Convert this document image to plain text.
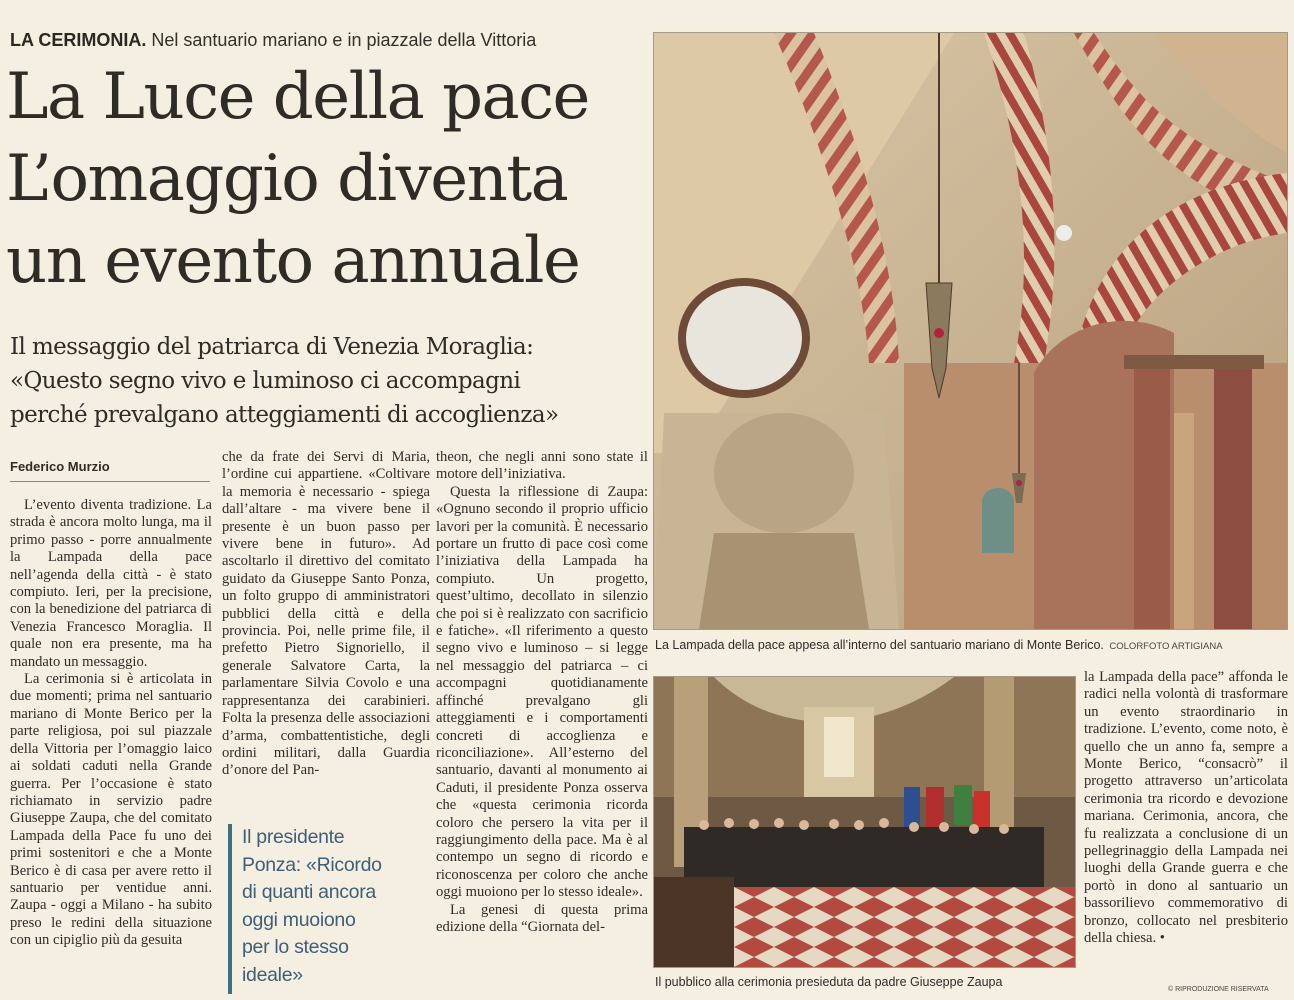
LA CERIMONIA. Nel santuario mariano e in piazzale della Vittoria
La Luce della pace
L’omaggio diventa
un evento annuale
Il messaggio del patriarca di Venezia Moraglia:
«Questo segno vivo e luminoso ci accompagni
perché prevalgano atteggiamenti di accoglienza»
Federico Murzio

L’evento diventa tradizione. La strada è ancora molto lunga, ma il primo passo - porre annualmente la Lampada della pace nell’agenda della città - è stato compiuto. Ieri, per la precisione, con la benedizione del patriarca di Venezia Francesco Moraglia. Il quale non era presente, ma ha mandato un messaggio.

La cerimonia si è articolata in due momenti; prima nel santuario mariano di Monte Berico per la parte religiosa, poi sul piazzale della Vittoria per l’omaggio laico ai soldati caduti nella Grande guerra. Per l’occasione è stato richiamato in servizio padre Giuseppe Zaupa, che del comitato Lampada della Pace fu uno dei primi sostenitori e che a Monte Berico è di casa per avere retto il santuario per ventidue anni. Zaupa - oggi a Milano - ha subito preso le redini della situazione con un cipiglio più da gesuita

che da frate dei Servi di Maria, l’ordine cui appartiene. «Coltivare la memoria è necessario - spiega dall’altare - ma vivere bene il presente è un buon passo per vivere bene in futuro». Ad ascoltarlo il direttivo del comitato guidato da Giuseppe Santo Ponza, un folto gruppo di amministratori pubblici della città e della provincia. Poi, nelle prime file, il prefetto Pietro Signoriello, il generale Salvatore Carta, la parlamentare Silvia Covolo e una rappresentanza dei carabinieri. Folta la presenza delle associazioni d’arma, combattentistiche, degli ordini militari, dalla Guardia d’onore del Pan-

theon, che negli anni sono state il motore dell’iniziativa.

Questa la riflessione di Zaupa: «Ognuno secondo il proprio ufficio lavori per la comunità. È necessario portare un frutto di pace così come l’iniziativa della Lampada ha compiuto. Un progetto, quest’ultimo, decollato in silenzio che poi si è realizzato con sacrificio e fatiche». «Il riferimento a questo segno vivo e luminoso – si legge nel messaggio del patriarca – ci accompagni quotidianamente affinché prevalgano gli atteggiamenti e i comportamenti concreti di accoglienza e riconciliazione». All’esterno del santuario, davanti al monumento ai Caduti, il presidente Ponza osserva che «questa cerimonia ricorda coloro che persero la vita per il raggiungimento della pace. Ma è al contempo un segno di ricordo e riconoscenza per coloro che anche oggi muoiono per lo stesso ideale».

La genesi di questa prima edizione della “Giornata del-

Il presidente
Ponza: «Ricordo
di quanti ancora
oggi muoiono
per lo stesso
ideale»
La Lampada della pace appesa all’interno del santuario mariano di Monte Berico. COLORFOTO ARTIGIANA
Il pubblico alla cerimonia presieduta da padre Giuseppe Zaupa

la Lampada della pace” affonda le radici nella volontà di trasformare un evento straordinario in tradizione. L’evento, come noto, è quello che un anno fa, sempre a Monte Berico, “consacrò” il progetto attraverso un’articolata cerimonia tra ricordo e devozione mariana. Cerimonia, ancora, che fu realizzata a conclusione di un pellegrinaggio della Lampada nei luoghi della Grande guerra e che portò in dono al santuario un bassorilievo commemorativo di bronzo, collocato nel presbiterio della chiesa. •

© RIPRODUZIONE RISERVATA
